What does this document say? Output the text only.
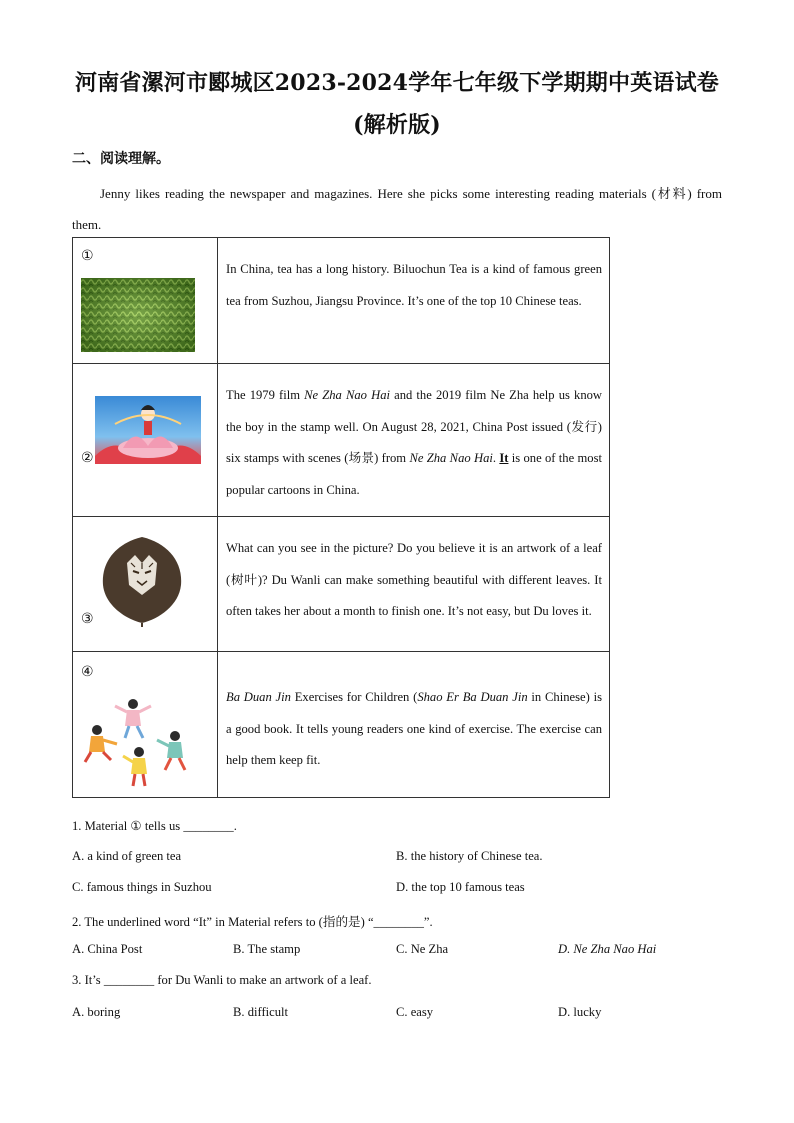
河南省漯河市郾城区2023-2024学年七年级下学期期中英语试卷(解析版)
二、阅读理解。
Jenny likes reading the newspaper and magazines. Here she picks some interesting reading materials (材料) from them.
①	In China, tea has a long history. Biluochun Tea is a kind of famous green tea from Suzhou, Jiangsu Province. It’s one of the top 10 Chinese teas.

②	The 1979 film Ne Zha Nao Hai and the 2019 film Ne Zha help us know the boy in the stamp well. On August 28, 2021, China Post issued (发行) six stamps with scenes (场景) from Ne Zha Nao Hai. It is one of the most popular cartoons in China.

③	What can you see in the picture? Do you believe it is an artwork of a leaf (树叶)? Du Wanli can make something beautiful with different leaves. It often takes her about a month to finish one. It’s not easy, but Du loves it.

④	Ba Duan Jin Exercises for Children (Shao Er Ba Duan Jin in Chinese) is a good book. It tells young readers one kind of exercise. The exercise can help them keep fit.
1. Material ① tells us ________.
A. a kind of green tea	B. the history of Chinese tea.
C. famous things in Suzhou	D. the top 10 famous teas
2. The underlined word “It” in Material refers to (指的是) “________”.
A. China Post	B. The stamp	C. Ne Zha	D. Ne Zha Nao Hai
3. It’s ________ for Du Wanli to make an artwork of a leaf.
A. boring	B. difficult	C. easy	D. lucky
